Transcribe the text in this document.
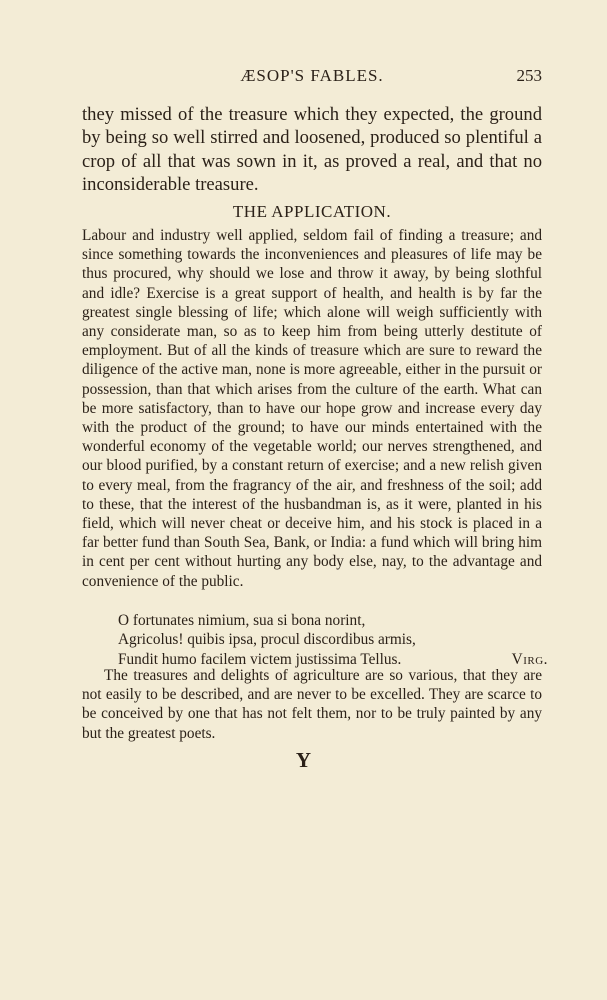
ÆSOP'S FABLES.	253

they missed of the treasure which they expected, the ground by being so well stirred and loosened, produced so plentiful a crop of all that was sown in it, as proved a real, and that no inconsiderable treasure.

THE APPLICATION.

Labour and industry well applied, seldom fail of finding a treasure; and since something towards the inconveniences and pleasures of life may be thus procured, why should we lose and throw it away, by being slothful and idle? Exercise is a great support of health, and health is by far the greatest single blessing of life; which alone will weigh sufficiently with any considerate man, so as to keep him from being utterly destitute of employment. But of all the kinds of treasure which are sure to reward the diligence of the active man, none is more agreeable, either in the pursuit or possession, than that which arises from the culture of the earth. What can be more satisfactory, than to have our hope grow and increase every day with the product of the ground; to have our minds entertained with the wonderful economy of the vegetable world; our nerves strengthened, and our blood purified, by a constant return of exercise; and a new relish given to every meal, from the fragrancy of the air, and freshness of the soil; add to these, that the interest of the husbandman is, as it were, planted in his field, which will never cheat or deceive him, and his stock is placed in a far better fund than South Sea, Bank, or India: a fund which will bring him in cent per cent without hurting any body else, nay, to the advantage and convenience of the public.

O fortunates nimium, sua si bona norint,
Agricolus! quibis ipsa, procul discordibus armis,
Fundit humo facilem victem justissima Tellus.	Virg.

The treasures and delights of agriculture are so various, that they are not easily to be described, and are never to be excelled. They are scarce to be conceived by one that has not felt them, nor to be truly painted by any but the greatest poets.

Y
